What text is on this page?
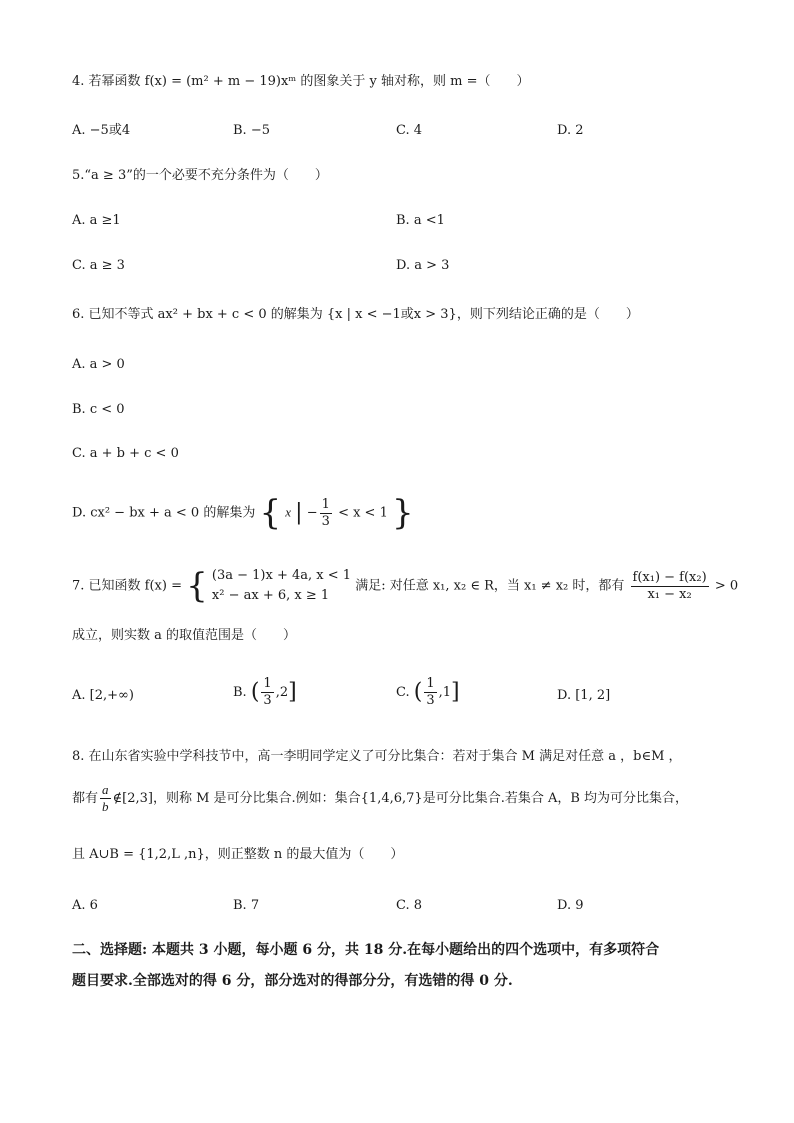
4. 若幂函数 f(x) = (m² + m − 19)xᵐ 的图象关于 y 轴对称，则 m =（　　）
A. −5或4	B. −5	C. 4	D. 2
5.“a ≥ 3”的一个必要不充分条件为（　　）
A. a ≥1	B. a <1
C. a ≥ 3	D. a > 3
6. 已知不等式 ax² + bx + c < 0 的解集为 {x | x < −1或x > 3}，则下列结论正确的是（　　）
A. a > 0
B. c < 0
C. a + b + c < 0
D. cx² − bx + a < 0 的解集为 { x | − $\frac{1}{3} < x < 1$ }
7. 已知函数 f(x) = { (3a − 1)x + 4a, x < 1
x² − ax + 6, x ≥ 1
满足: 对任意 x₁, x₂ ∈ R，当 x₁ ≠ x₂ 时，都有 $\frac{\text{f(x₁) − f(x₂)}}{\text{x₁ − x₂}} > 0$
成立，则实数 a 的取值范围是（　　）
A. [2,+∞)	B. ( $\frac{1}{3} ,2$]	C. ( $\frac{1}{3} ,1$]	D. [1, 2]
8. 在山东省实验中学科技节中，高一李明同学定义了可分比集合：若对于集合 M 满足对任意 a ，b∈M ，
都有 $\frac{a}{b}$ ∉[2,3]，则称 M 是可分比集合.例如：集合{1,4,6,7}是可分比集合.若集合 A，B 均为可分比集合，
且 A∪B = {1,2,L ,n}，则正整数 n 的最大值为（　　）
A. 6	B. 7	C. 8	D. 9
二、选择题: 本题共 3 小题，每小题 6 分，共 18 分.在每小题给出的四个选项中，有多项符合
题目要求.全部选对的得 6 分，部分选对的得部分分，有选错的得 0 分.
